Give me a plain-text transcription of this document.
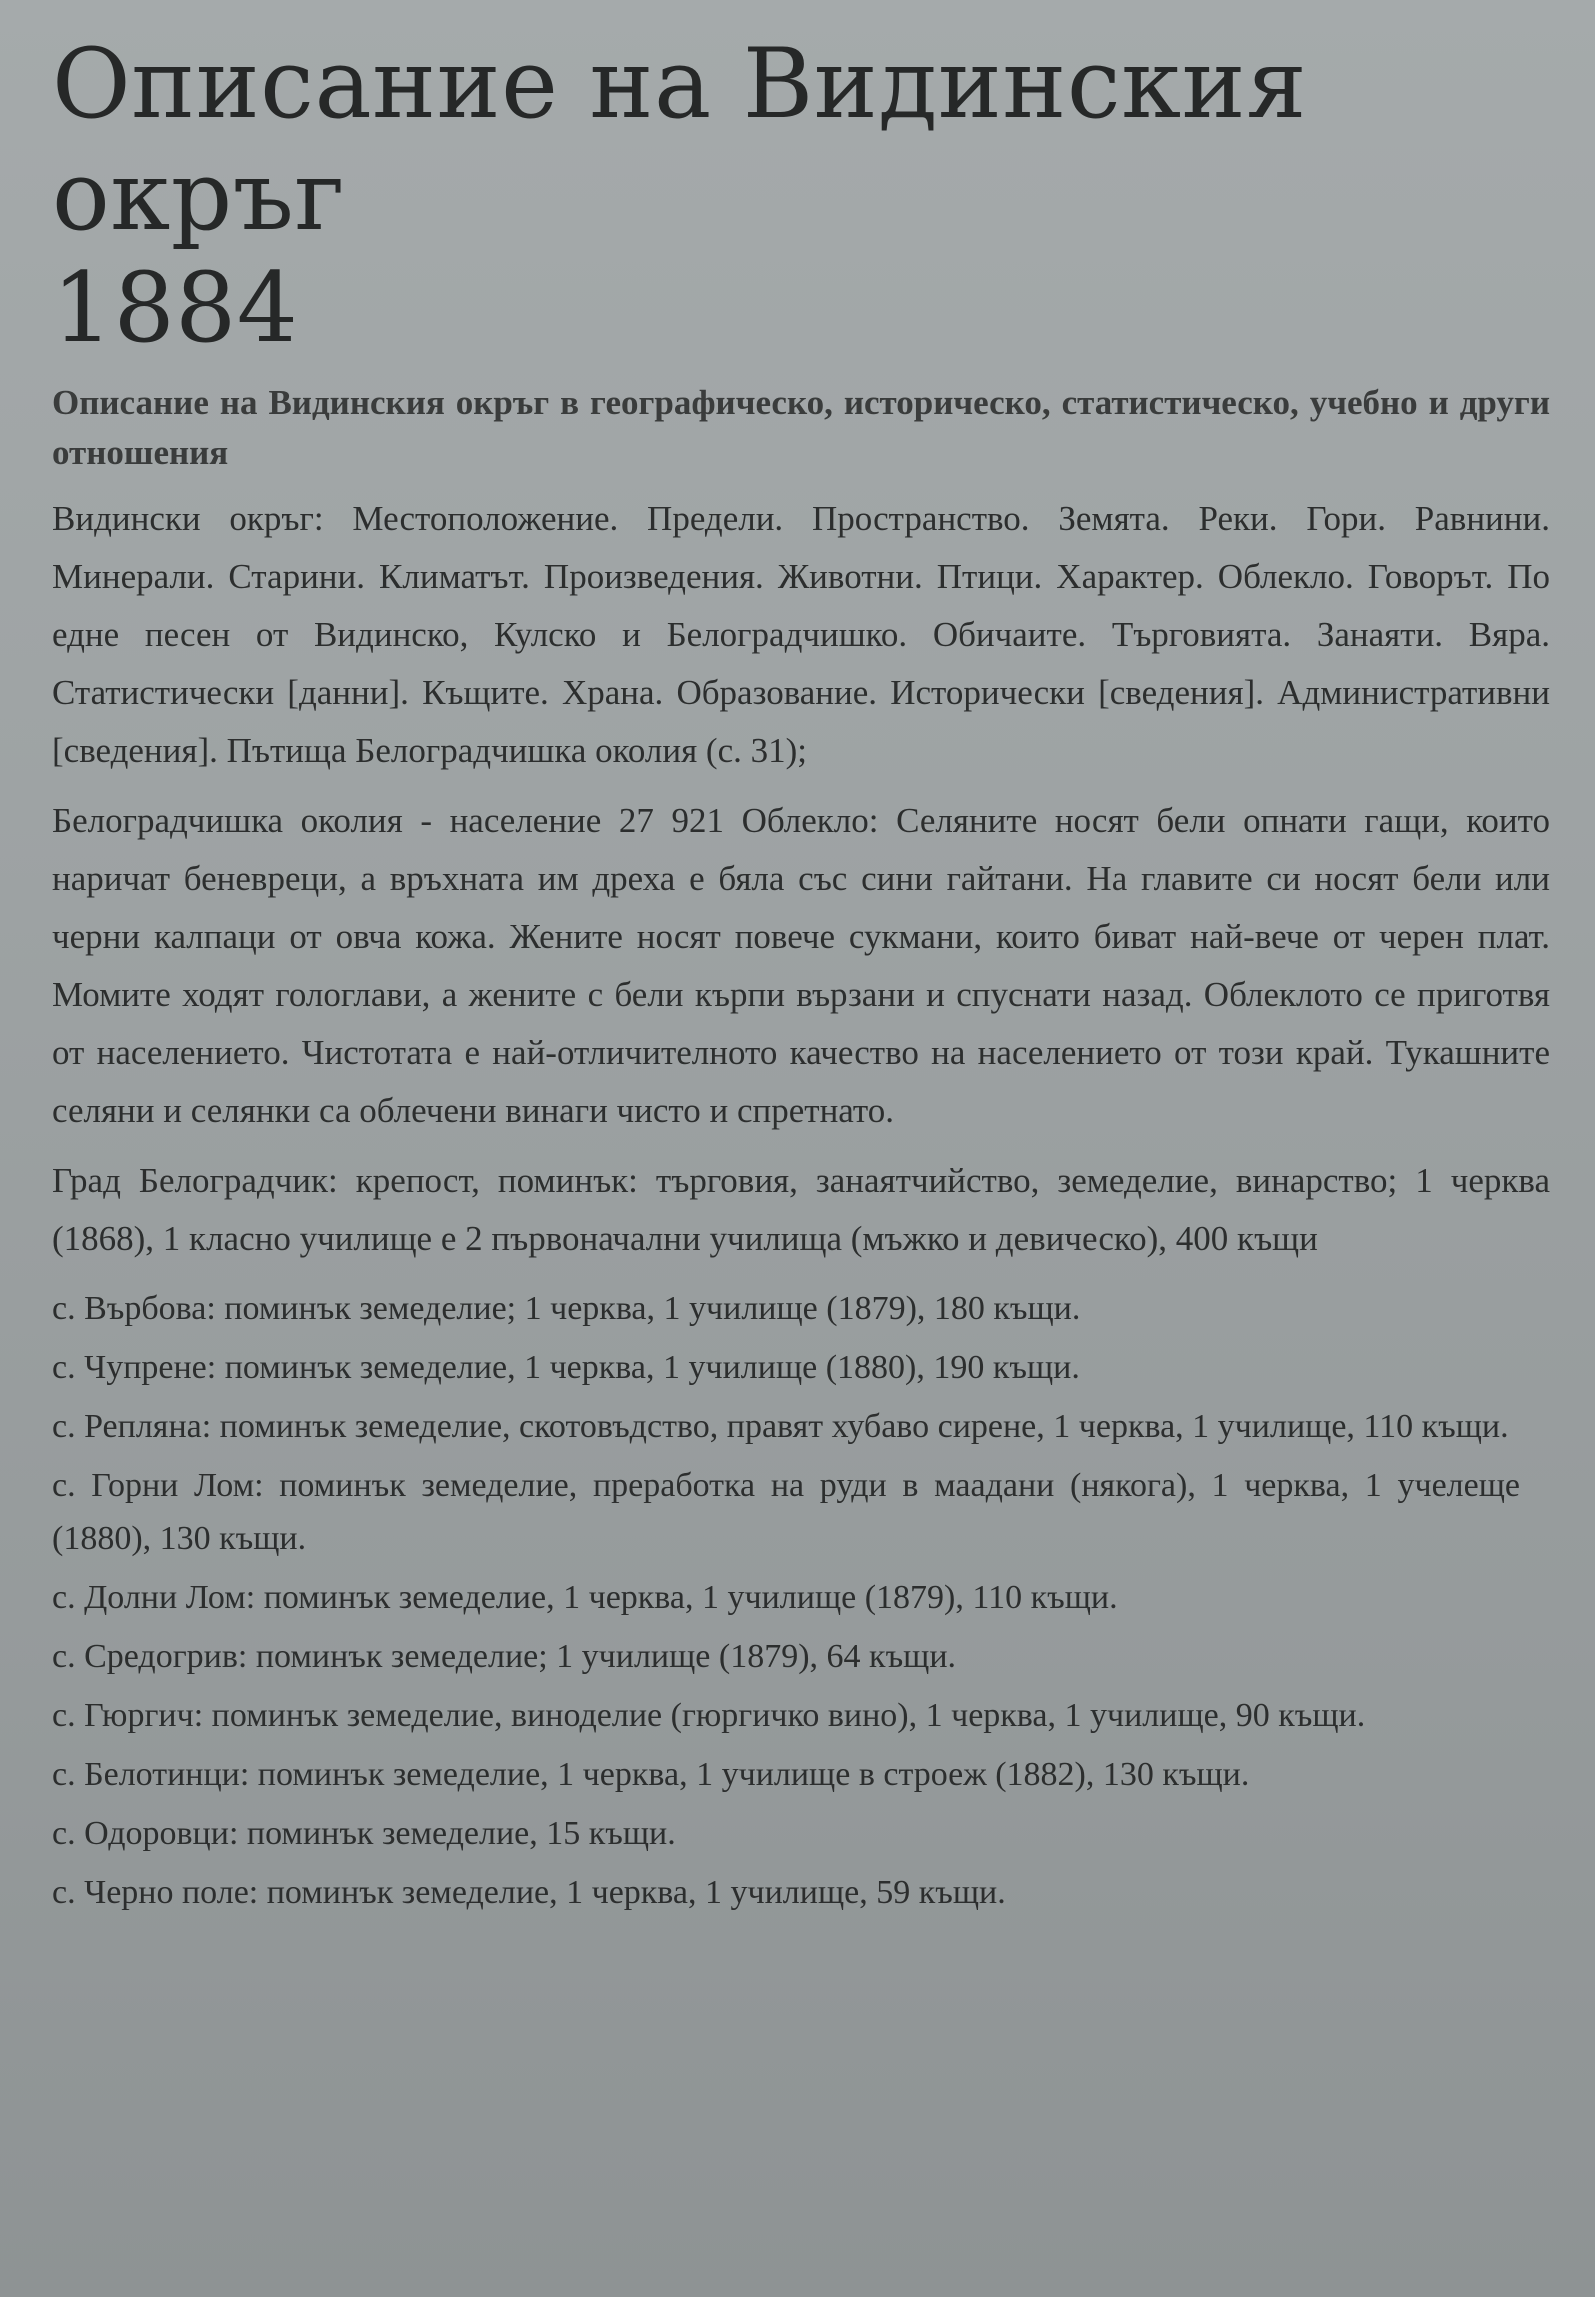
Описание на Видинския окръг
1884

Описание на Видинския окръг в географическо, историческо, статистическо, учебно и други отношения

Видински окръг: Местоположение. Предели. Пространство. Земята. Реки. Гори. Равнини. Минерали. Старини. Климатът. Произведения. Животни. Птици. Характер. Облекло. Говорът. По едне песен от Видинско, Кулско и Белоградчишко. Обичаите. Търговията. Занаяти. Вяра. Статистически [данни]. Къщите. Храна. Образование. Исторически [сведения]. Административни [сведения]. Пътища Белоградчишка околия (с. 31);

Белоградчишка околия - население 27 921 Облекло: Селяните носят бели опнати гащи, които наричат беневреци, а връхната им дреха е бяла със сини гайтани. На главите си носят бели или черни калпаци от овча кожа. Жените носят повече сукмани, които биват най-вече от черен плат. Момите ходят гологлави, а жените с бели кърпи вързани и спуснати назад. Облеклото се приготвя от населението. Чистотата е най-отличителното качество на населението от този край. Тукашните селяни и селянки са облечени винаги чисто и спретнато.

Град Белоградчик: крепост, поминък: търговия, занаятчийство, земеделие, винарство; 1 черква (1868), 1 класно училище е 2 първоначални училища (мъжко и девическо), 400 къщи

с. Върбова: поминък земеделие; 1 черква, 1 училище (1879), 180 къщи.
с. Чупрене: поминък земеделие, 1 черква, 1 училище (1880), 190 къщи.
с. Репляна: поминък земеделие, скотовъдство, правят хубаво сирене, 1 черква, 1 училище, 110 къщи.
с. Горни Лом: поминък земеделие, преработка на руди в маадани (някога), 1 черква, 1 учелеще (1880), 130 къщи.
с. Долни Лом: поминък земеделие, 1 черква, 1 училище (1879), 110 къщи.
с. Средогрив: поминък земеделие; 1 училище (1879), 64 къщи.
с. Гюргич: поминък земеделие, виноделие (гюргичко вино), 1 черква, 1 училище, 90 къщи.
с. Белотинци: поминък земеделие, 1 черква, 1 училище в строеж (1882), 130 къщи.
с. Одоровци: поминък земеделие, 15 къщи.
с. Черно поле: поминък земеделие, 1 черква, 1 училище, 59 къщи.
